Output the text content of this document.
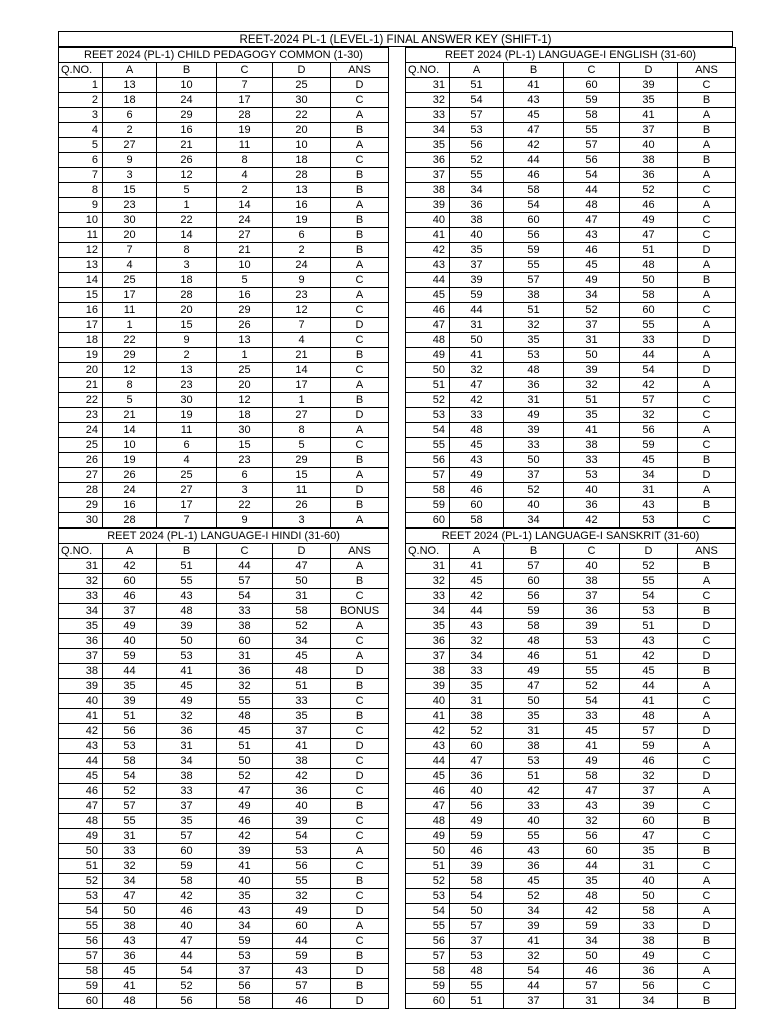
REET-2024 PL-1 (LEVEL-1) FINAL ANSWER KEY (SHIFT-1)
REET 2024 (PL-1) CHILD PEDAGOGY COMMON (1-30)					
Q.NO.	A	B	C	D	ANS
1	13	10	7	25	D
2	18	24	17	30	C
3	6	29	28	22	A
4	2	16	19	20	B
5	27	21	11	10	A
6	9	26	8	18	C
7	3	12	4	28	B
8	15	5	2	13	B
9	23	1	14	16	A
10	30	22	24	19	B
11	20	14	27	6	B
12	7	8	21	2	B
13	4	3	10	24	A
14	25	18	5	9	C
15	17	28	16	23	A
16	11	20	29	12	C
17	1	15	26	7	D
18	22	9	13	4	C
19	29	2	1	21	B
20	12	13	25	14	C
21	8	23	20	17	A
22	5	30	12	1	B
23	21	19	18	27	D
24	14	11	30	8	A
25	10	6	15	5	C
26	19	4	23	29	B
27	26	25	6	15	A
28	24	27	3	11	D
29	16	17	22	26	B
30	28	7	9	3	A
REET 2024 (PL-1) LANGUAGE-I ENGLISH (31-60)					
Q.NO.	A	B	C	D	ANS
31	51	41	60	39	C
32	54	43	59	35	B
33	57	45	58	41	A
34	53	47	55	37	B
35	56	42	57	40	A
36	52	44	56	38	B
37	55	46	54	36	A
38	34	58	44	52	C
39	36	54	48	46	A
40	38	60	47	49	C
41	40	56	43	47	C
42	35	59	46	51	D
43	37	55	45	48	A
44	39	57	49	50	B
45	59	38	34	58	A
46	44	51	52	60	C
47	31	32	37	55	A
48	50	35	31	33	D
49	41	53	50	44	A
50	32	48	39	54	D
51	47	36	32	42	A
52	42	31	51	57	C
53	33	49	35	32	C
54	48	39	41	56	A
55	45	33	38	59	C
56	43	50	33	45	B
57	49	37	53	34	D
58	46	52	40	31	A
59	60	40	36	43	B
60	58	34	42	53	C
REET 2024 (PL-1) LANGUAGE-I HINDI (31-60)					
Q.NO.	A	B	C	D	ANS
31	42	51	44	47	A
32	60	55	57	50	B
33	46	43	54	31	C
34	37	48	33	58	BONUS
35	49	39	38	52	A
36	40	50	60	34	C
37	59	53	31	45	A
38	44	41	36	48	D
39	35	45	32	51	B
40	39	49	55	33	C
41	51	32	48	35	B
42	56	36	45	37	C
43	53	31	51	41	D
44	58	34	50	38	C
45	54	38	52	42	D
46	52	33	47	36	C
47	57	37	49	40	B
48	55	35	46	39	C
49	31	57	42	54	C
50	33	60	39	53	A
51	32	59	41	56	C
52	34	58	40	55	B
53	47	42	35	32	C
54	50	46	43	49	D
55	38	40	34	60	A
56	43	47	59	44	C
57	36	44	53	59	B
58	45	54	37	43	D
59	41	52	56	57	B
60	48	56	58	46	D
REET 2024 (PL-1) LANGUAGE-I SANSKRIT (31-60)					
Q.NO.	A	B	C	D	ANS
31	41	57	40	52	B
32	45	60	38	55	A
33	42	56	37	54	C
34	44	59	36	53	B
35	43	58	39	51	D
36	32	48	53	43	C
37	34	46	51	42	D
38	33	49	55	45	B
39	35	47	52	44	A
40	31	50	54	41	C
41	38	35	33	48	A
42	52	31	45	57	D
43	60	38	41	59	A
44	47	53	49	46	C
45	36	51	58	32	D
46	40	42	47	37	A
47	56	33	43	39	C
48	49	40	32	60	B
49	59	55	56	47	C
50	46	43	60	35	B
51	39	36	44	31	C
52	58	45	35	40	A
53	54	52	48	50	C
54	50	34	42	58	A
55	57	39	59	33	D
56	37	41	34	38	B
57	53	32	50	49	C
58	48	54	46	36	A
59	55	44	57	56	C
60	51	37	31	34	B
